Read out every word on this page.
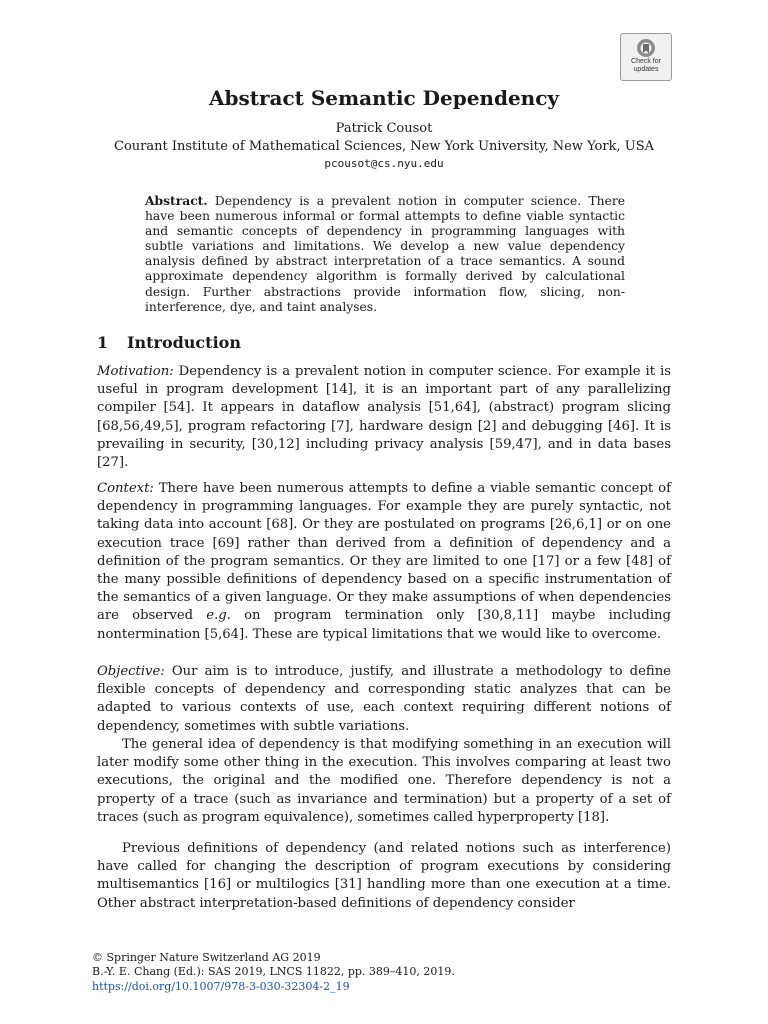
Check for
updates
Abstract Semantic Dependency
Patrick Cousot
Courant Institute of Mathematical Sciences, New York University, New York, USA
pcousot@cs.nyu.edu
Abstract. Dependency is a prevalent notion in computer science. There have been numerous informal or formal attempts to define viable syntactic and semantic concepts of dependency in programming languages with subtle variations and limitations. We develop a new value dependency analysis defined by abstract interpretation of a trace semantics. A sound approximate dependency algorithm is formally derived by calculational design. Further abstractions provide information flow, slicing, non-interference, dye, and taint analyses.
1 Introduction

Motivation: Dependency is a prevalent notion in computer science. For example it is useful in program development [14], it is an important part of any parallelizing compiler [54]. It appears in dataflow analysis [51,64], (abstract) program slicing [68,56,49,5], program refactoring [7], hardware design [2] and debugging [46]. It is prevailing in security, [30,12] including privacy analysis [59,47], and in data bases [27].

Context: There have been numerous attempts to define a viable semantic concept of dependency in programming languages. For example they are purely syntactic, not taking data into account [68]. Or they are postulated on programs [26,6,1] or on one execution trace [69] rather than derived from a definition of dependency and a definition of the program semantics. Or they are limited to one [17] or a few [48] of the many possible definitions of dependency based on a specific instrumentation of the semantics of a given language. Or they make assumptions of when dependencies are observed e.g. on program termination only [30,8,11] maybe including nontermination [5,64]. These are typical limitations that we would like to overcome.

Objective: Our aim is to introduce, justify, and illustrate a methodology to define flexible concepts of dependency and corresponding static analyzes that can be adapted to various contexts of use, each context requiring different notions of dependency, sometimes with subtle variations.

The general idea of dependency is that modifying something in an execution will later modify some other thing in the execution. This involves comparing at least two executions, the original and the modified one. Therefore dependency is not a property of a trace (such as invariance and termination) but a property of a set of traces (such as program equivalence), sometimes called hyperproperty [18].

Previous definitions of dependency (and related notions such as interference) have called for changing the description of program executions by considering multisemantics [16] or multilogics [31] handling more than one execution at a time. Other abstract interpretation-based definitions of dependency consider

© Springer Nature Switzerland AG 2019
B.-Y. E. Chang (Ed.): SAS 2019, LNCS 11822, pp. 389–410, 2019.
https://doi.org/10.1007/978-3-030-32304-2_19
